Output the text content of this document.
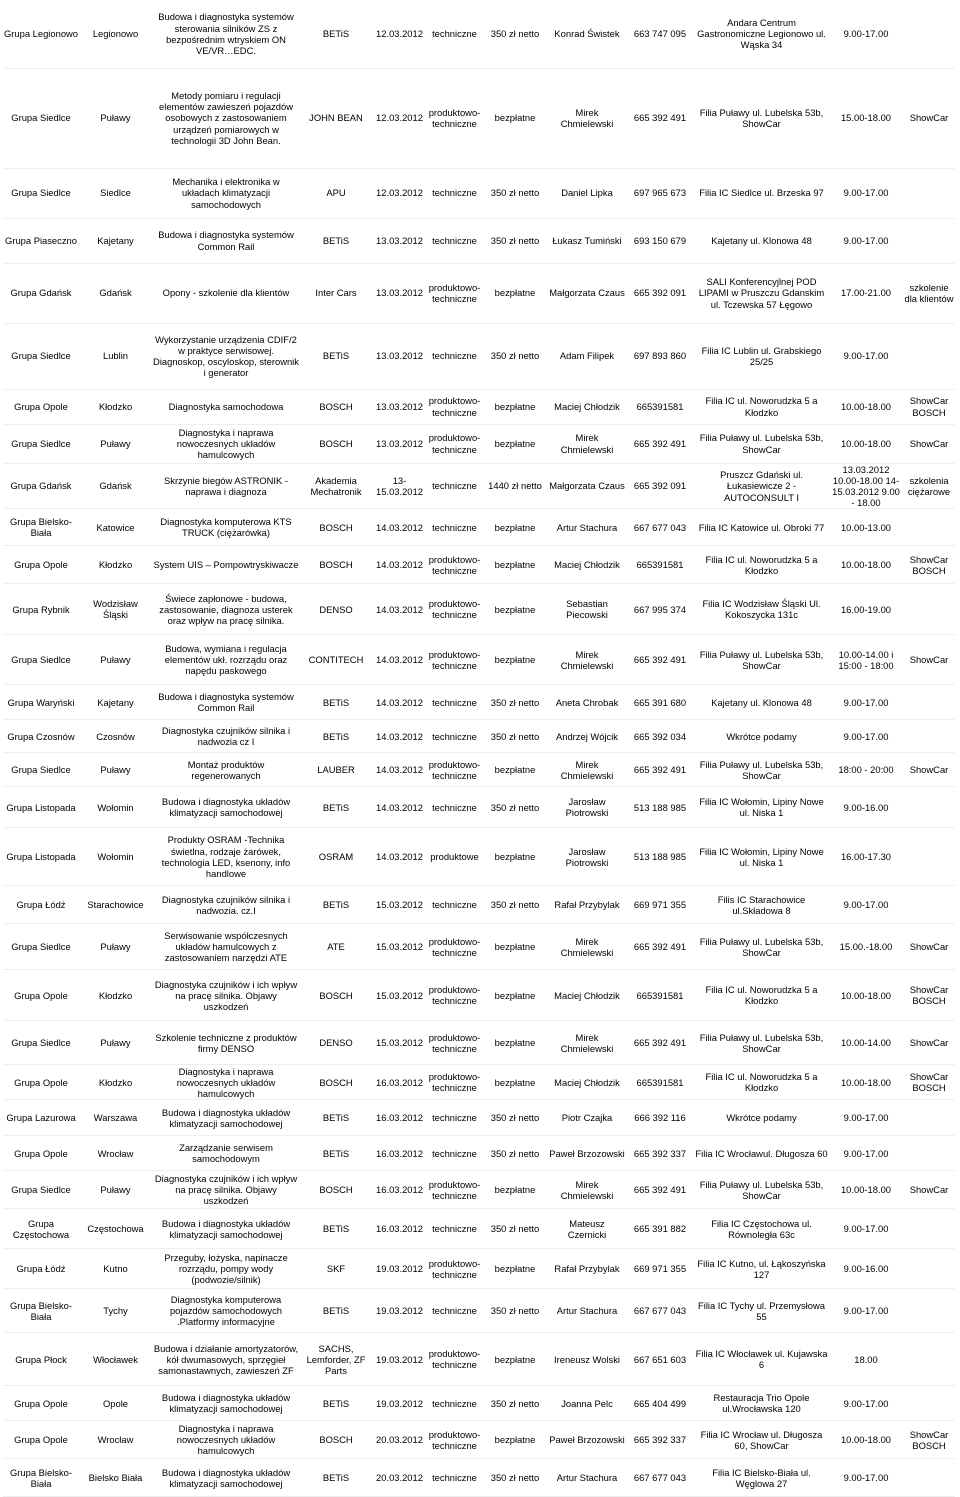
Grupa Legionowo	Legionowo	Budowa i diagnostyka systemów sterowania silników ZS z bezpośrednim wtryskiem ON VE/VR…EDC.	BETiS	12.03.2012	techniczne	350 zł netto	Konrad Świstek	663 747 095	Andara Centrum Gastronomiczne Legionowo ul. Wąska 34	9.00-17.00	
Grupa Siedlce	Puławy	Metody pomiaru i regulacji elementów zawieszeń pojazdów osobowych z zastosowaniem urządzeń pomiarowych w technologii 3D John Bean.	JOHN BEAN	12.03.2012	produktowo-techniczne	bezpłatne	Mirek Chmielewski	665 392 491	Filia Puławy ul. Lubelska 53b, ShowCar	15.00-18.00	ShowCar
Grupa Siedlce	Siedlce	Mechanika i elektronika w układach klimatyzacji samochodowych	APU	12.03.2012	techniczne	350 zł netto	Daniel Lipka	697 965 673	Filia IC Siedlce ul. Brzeska 97	9.00-17.00	
Grupa Piaseczno	Kajetany	Budowa i diagnostyka systemów Common Rail	BETiS	13.03.2012	techniczne	350 zł netto	Łukasz Tumiński	693 150 679	Kajetany ul. Klonowa 48	9.00-17.00	
Grupa Gdańsk	Gdańsk	Opony - szkolenie dla klientów	Inter Cars	13.03.2012	produktowo-techniczne	bezpłatne	Małgorzata Czaus	665 392 091	SALI Konferencyjlnej POD LIPAMI w Pruszczu Gdanskim ul. Tczewska 57 Łęgowo	17.00-21.00	szkolenie dla klientów
Grupa Siedlce	Lublin	Wykorzystanie urządzenia CDIF/2 w praktyce serwisowej. Diagnoskop, oscyloskop, sterownik i generator	BETiS	13.03.2012	techniczne	350 zł netto	Adam Filipek	697 893 860	Filia IC Lublin ul. Grabskiego 25/25	9.00-17.00	
Grupa Opole	Kłodzko	Diagnostyka samochodowa	BOSCH	13.03.2012	produktowo-techniczne	bezpłatne	Maciej Chłodzik	665391581	Filia IC ul. Noworudzka 5 a Kłodzko	10.00-18.00	ShowCar BOSCH
Grupa Siedlce	Puławy	Diagnostyka i naprawa nowoczesnych układów hamulcowych	BOSCH	13.03.2012	produktowo-techniczne	bezpłatne	Mirek Chmielewski	665 392 491	Filia Puławy ul. Lubelska 53b, ShowCar	10.00-18.00	ShowCar
Grupa Gdańsk	Gdańsk	Skrzynie biegów ASTRONIK - naprawa i diagnoza	Akademia Mechatronik	13-15.03.2012	techniczne	1440 zł netto	Małgorzata Czaus	665 392 091	Pruszcz Gdański ul. Łukasiewicze 2 - AUTOCONSULT I	13.03.2012 10.00-18.00 14-15.03.2012 9.00 - 18.00	szkolenia ciężarowe
Grupa Bielsko-Biała	Katowice	Diagnostyka komputerowa KTS TRUCK (ciężarówka)	BOSCH	14.03.2012	techniczne	bezpłatne	Artur Stachura	667 677 043	Filia IC Katowice ul. Obroki 77	10.00-13.00	
Grupa Opole	Kłodzko	System UIS – Pompowtryskiwacze	BOSCH	14.03.2012	produktowo-techniczne	bezpłatne	Maciej Chłodzik	665391581	Filia IC ul. Noworudzka 5 a Kłodzko	10.00-18.00	ShowCar BOSCH
Grupa Rybnik	Wodzisław Śląski	Świece zapłonowe - budowa, zastosowanie, diagnoza usterek oraz wpływ na pracę silnika.	DENSO	14.03.2012	produktowo-techniczne	bezpłatne	Sebastian Piecowski	667 995 374	Filia IC Wodzisław Śląski Ul. Kokoszycka 131c	16.00-19.00	
Grupa Siedlce	Puławy	Budowa, wymiana i regulacja elementów ukł. rozrządu oraz napędu paskowego	CONTITECH	14.03.2012	produktowo-techniczne	bezpłatne	Mirek Chmielewski	665 392 491	Filia Puławy ul. Lubelska 53b, ShowCar	10.00-14.00 i 15:00 - 18:00	ShowCar
Grupa Waryński	Kajetany	Budowa i diagnostyka systemów Common Rail	BETiS	14.03.2012	techniczne	350 zł netto	Aneta Chrobak	665 391 680	Kajetany ul. Klonowa 48	9.00-17.00	
Grupa Czosnów	Czosnów	Diagnostyka czujników silnika i nadwozia cz I	BETiS	14.03.2012	techniczne	350 zł netto	Andrzej Wójcik	665 392 034	Wkrótce podamy	9.00-17.00	
Grupa Siedlce	Puławy	Montaż produktów regenerowanych	LAUBER	14.03.2012	produktowo-techniczne	bezpłatne	Mirek Chmielewski	665 392 491	Filia Puławy ul. Lubelska 53b, ShowCar	18:00 - 20:00	ShowCar
Grupa Listopada	Wołomin	Budowa i diagnostyka układów klimatyzacji samochodowej	BETiS	14.03.2012	techniczne	350 zł netto	Jarosław Piotrowski	513 188 985	Filia IC Wołomin, Lipiny Nowe ul. Niska 1	9.00-16.00	
Grupa Listopada	Wołomin	Produkty OSRAM -Technika świetlna, rodzaje żarówek, technologia LED, ksenony, info handlowe	OSRAM	14.03.2012	produktowe	bezpłatne	Jarosław Piotrowski	513 188 985	Filia IC Wołomin, Lipiny Nowe ul. Niska 1	16.00-17.30	
Grupa Łódź	Starachowice	Diagnostyka czujników silnika i nadwozia. cz.I	BETiS	15.03.2012	techniczne	350 zł netto	Rafał Przybylak	669 971 355	Filis IC Starachowice ul.Składowa 8	9.00-17.00	
Grupa Siedlce	Puławy	Serwisowanie współczesnych układów hamulcowych z zastosowaniem narzędzi ATE	ATE	15.03.2012	produktowo-techniczne	bezpłatne	Mirek Chmielewski	665 392 491	Filia Puławy ul. Lubelska 53b, ShowCar	15.00.-18.00	ShowCar
Grupa Opole	Kłodzko	Diagnostyka czujników i ich wpływ na pracę silnika. Objawy uszkodzeń	BOSCH	15.03.2012	produktowo-techniczne	bezpłatne	Maciej Chłodzik	665391581	Filia IC ul. Noworudzka 5 a Kłodzko	10.00-18.00	ShowCar BOSCH
Grupa Siedlce	Puławy	Szkolenie techniczne z produktów firmy DENSO	DENSO	15.03.2012	produktowo-techniczne	bezpłatne	Mirek Chmielewski	665 392 491	Filia Puławy ul. Lubelska 53b, ShowCar	10.00-14.00	ShowCar
Grupa Opole	Kłodzko	Diagnostyka i naprawa nowoczesnych układów hamulcowych	BOSCH	16.03.2012	produktowo-techniczne	bezpłatne	Maciej Chłodzik	665391581	Filia IC ul. Noworudzka 5 a Kłodzko	10.00-18.00	ShowCar BOSCH
Grupa Lazurowa	Warszawa	Budowa i diagnostyka układów klimatyzacji samochodowej	BETiS	16.03.2012	techniczne	350 zł netto	Piotr Czajka	666 392 116	Wkrótce podamy	9.00-17.00	
Grupa Opole	Wrocław	Zarządzanie serwisem samochodowym	BETiS	16.03.2012	techniczne	350 zł netto	Paweł Brzozowski	665 392 337	Filia IC Wrocławul. Długosza 60	9.00-17.00	
Grupa Siedlce	Puławy	Diagnostyka czujników i ich wpływ na pracę silnika. Objawy uszkodzeń	BOSCH	16.03.2012	produktowo-techniczne	bezpłatne	Mirek Chmielewski	665 392 491	Filia Puławy ul. Lubelska 53b, ShowCar	10.00-18.00	ShowCar
Grupa Częstochowa	Częstochowa	Budowa i diagnostyka układów klimatyzacji samochodowej	BETiS	16.03.2012	techniczne	350 zł netto	Mateusz Czernicki	665 391 882	Filia IC Częstochowa ul. Równoległa 63c	9.00-17.00	
Grupa Łódź	Kutno	Przeguby, łożyska, napinacze rozrządu, pompy wody (podwozie/silnik)	SKF	19.03.2012	produktowo-techniczne	bezpłatne	Rafał Przybylak	669 971 355	Filia IC Kutno, ul. Łąkoszyńska 127	9.00-16.00	
Grupa Bielsko-Biała	Tychy	Diagnostyka komputerowa pojazdów samochodowych .Platformy informacyjne	BETiS	19.03.2012	techniczne	350 zł netto	Artur Stachura	667 677 043	Filia IC Tychy ul. Przemysłowa 55	9.00-17.00	
Grupa Płock	Włocławek	Budowa i działanie amortyzatorów, kół dwumasowych, sprzęgieł samonastawnych, zawieszeń ZF	SACHS, Lemforder, ZF Parts	19.03.2012	produktowo-techniczne	bezpłatne	Ireneusz Wolski	667 651 603	Filia IC Włocławek ul. Kujawska 6	18.00	
Grupa Opole	Opole	Budowa i diagnostyka układów klimatyzacji samochodowej	BETiS	19.03.2012	techniczne	350 zł netto	Joanna Pelc	665 404 499	Restauracja Trio Opole ul.Wrocławska 120	9.00-17.00	
Grupa Opole	Wrocław	Diagnostyka i naprawa nowoczesnych układów hamulcowych	BOSCH	20.03.2012	produktowo-techniczne	bezpłatne	Paweł Brzozowski	665 392 337	Filia IC Wrocław ul. Długosza 60, ShowCar	10.00-18.00	ShowCar BOSCH
Grupa Bielsko-Biała	Bielsko Biała	Budowa i diagnostyka układów klimatyzacji samochodowej	BETiS	20.03.2012	techniczne	350 zł netto	Artur Stachura	667 677 043	Filia IC Bielsko-Biała ul. Węglowa 27	9.00-17.00	
